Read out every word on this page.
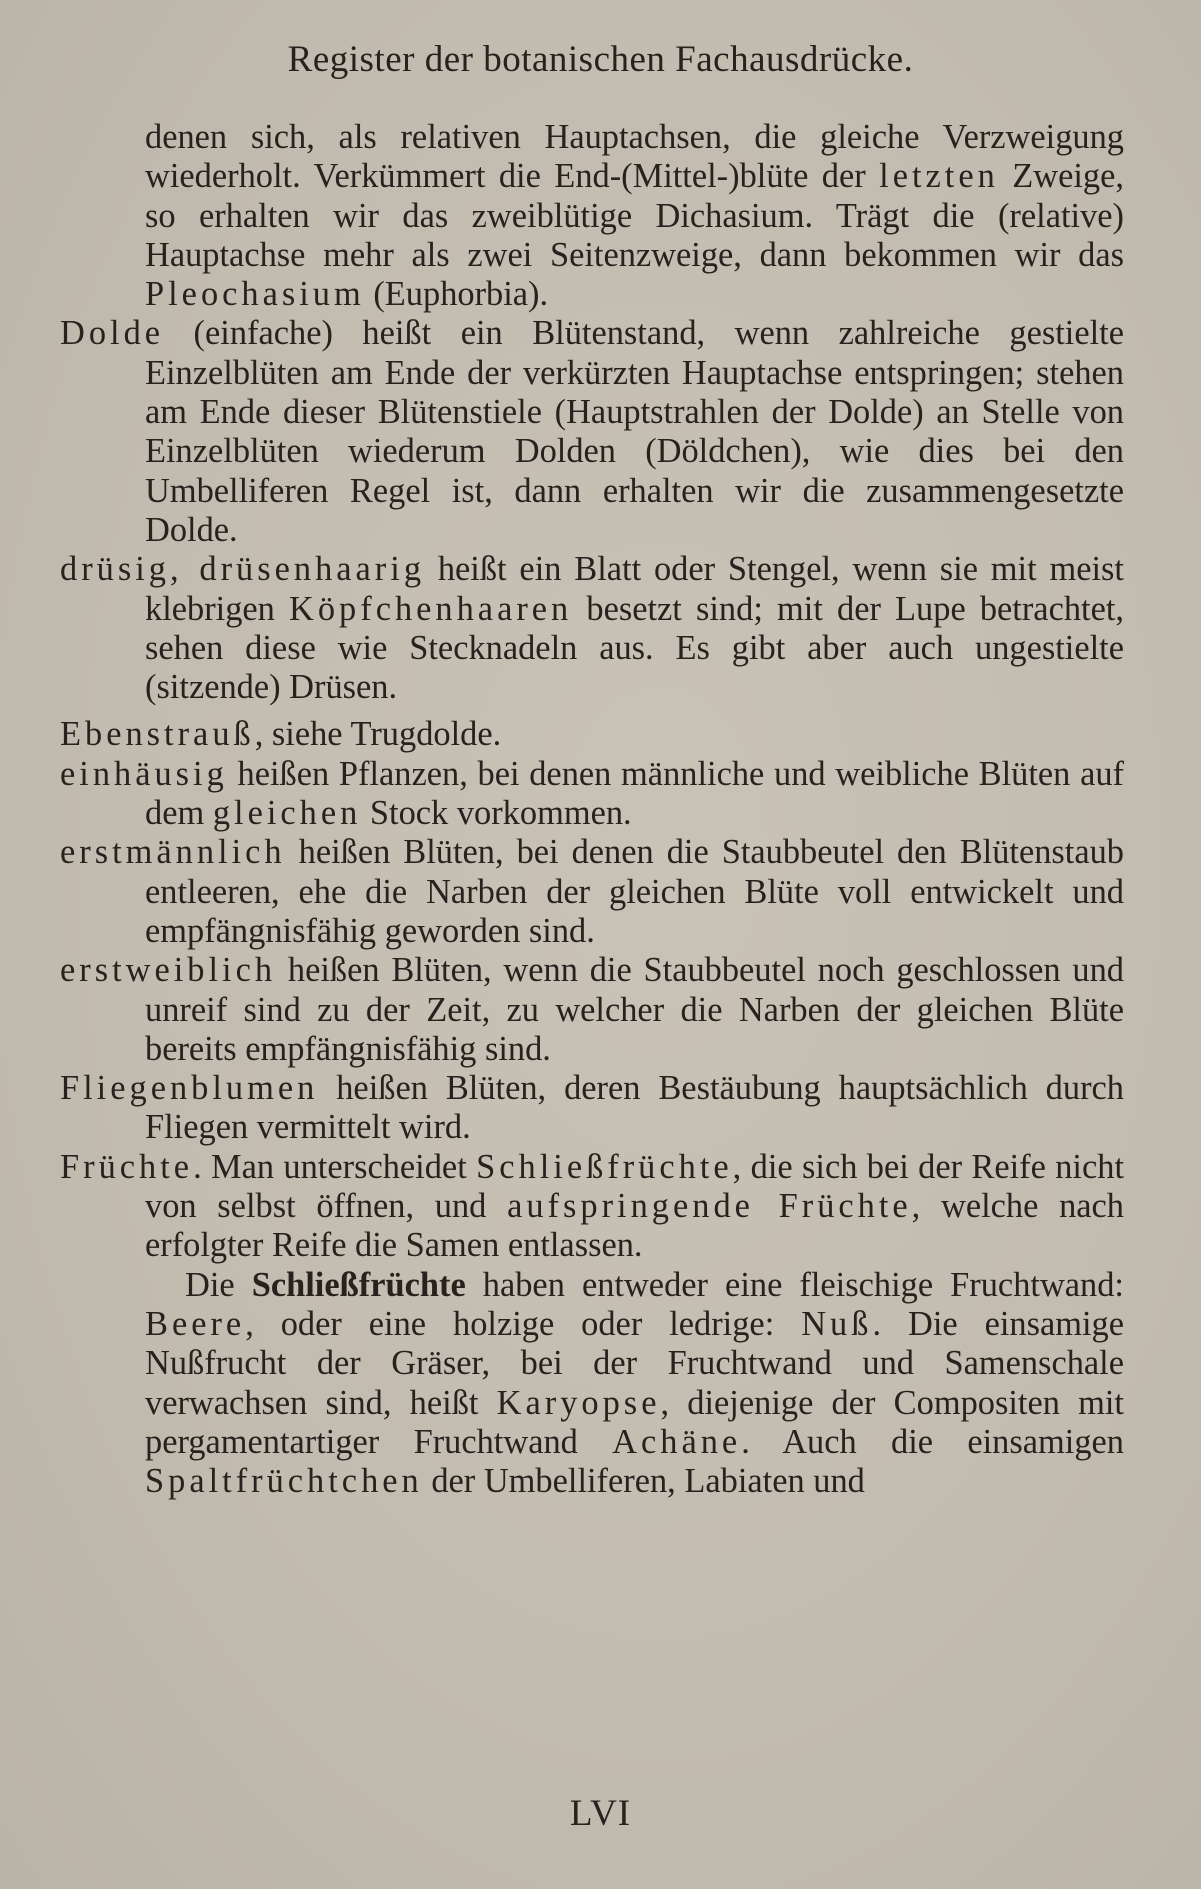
Register der botanischen Fachausdrücke.

denen sich, als relativen Hauptachsen, die gleiche Verzweigung wiederholt. Verkümmert die End-(Mittel-)blüte der letzten Zweige, so erhalten wir das zweiblütige Dichasium. Trägt die (relative) Hauptachse mehr als zwei Seitenzweige, dann bekommen wir das Pleochasium (Euphorbia).

Dolde (einfache) heißt ein Blütenstand, wenn zahlreiche gestielte Einzelblüten am Ende der verkürzten Hauptachse entspringen; stehen am Ende dieser Blütenstiele (Hauptstrahlen der Dolde) an Stelle von Einzelblüten wiederum Dolden (Döldchen), wie dies bei den Umbelliferen Regel ist, dann erhalten wir die zusammengesetzte Dolde.

drüsig, drüsenhaarig heißt ein Blatt oder Stengel, wenn sie mit meist klebrigen Köpfchenhaaren besetzt sind; mit der Lupe betrachtet, sehen diese wie Stecknadeln aus. Es gibt aber auch ungestielte (sitzende) Drüsen.

Ebenstrauß, siehe Trugdolde.

einhäusig heißen Pflanzen, bei denen männliche und weibliche Blüten auf dem gleichen Stock vorkommen.

erstmännlich heißen Blüten, bei denen die Staubbeutel den Blütenstaub entleeren, ehe die Narben der gleichen Blüte voll entwickelt und empfängnisfähig geworden sind.

erstweiblich heißen Blüten, wenn die Staubbeutel noch geschlossen und unreif sind zu der Zeit, zu welcher die Narben der gleichen Blüte bereits empfängnisfähig sind.

Fliegenblumen heißen Blüten, deren Bestäubung hauptsächlich durch Fliegen vermittelt wird.

Früchte. Man unterscheidet Schließfrüchte, die sich bei der Reife nicht von selbst öffnen, und aufspringende Früchte, welche nach erfolgter Reife die Samen entlassen.

Die Schließfrüchte haben entweder eine fleischige Fruchtwand: Beere, oder eine holzige oder ledrige: Nuß. Die einsamige Nußfrucht der Gräser, bei der Fruchtwand und Samenschale verwachsen sind, heißt Karyopse, diejenige der Compositen mit pergamentartiger Fruchtwand Achäne. Auch die einsamigen Spaltfrüchtchen der Umbelliferen, Labiaten und

LVI
